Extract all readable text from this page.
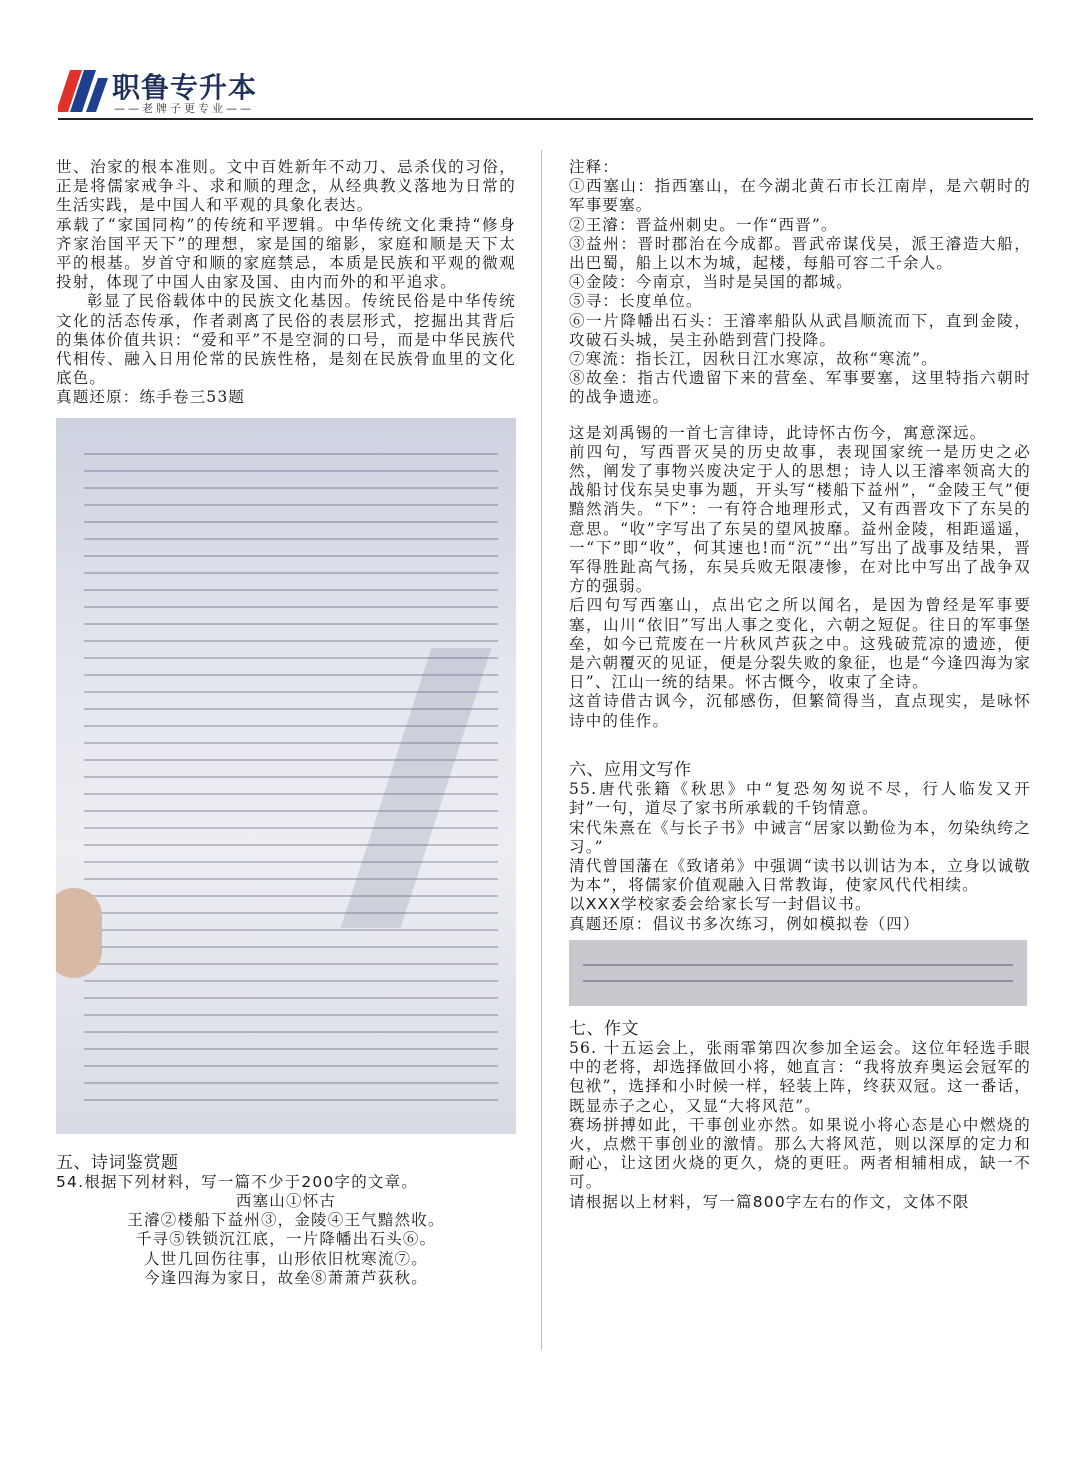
职鲁专升本
——老牌子更专业——

世、治家的根本准则。文中百姓新年不动刀、忌杀伐的习俗，正是将儒家戒争斗、求和顺的理念，从经典教义落地为日常的生活实践，是中国人和平观的具象化表达。

承载了“家国同构”的传统和平逻辑。中华传统文化秉持“修身齐家治国平天下”的理想，家是国的缩影，家庭和顺是天下太平的根基。岁首守和顺的家庭禁忌，本质是民族和平观的微观投射，体现了中国人由家及国、由内而外的和平追求。

彰显了民俗载体中的民族文化基因。传统民俗是中华传统文化的活态传承，作者剥离了民俗的表层形式，挖掘出其背后的集体价值共识：“爱和平”不是空洞的口号，而是中华民族代代相传、融入日用伦常的民族性格，是刻在民族骨血里的文化底色。

真题还原：练手卷三53题

五、诗词鉴赏题

54.根据下列材料，写一篇不少于200字的文章。

西塞山①怀古

王濬②楼船下益州③，金陵④王气黯然收。

千寻⑤铁锁沉江底，一片降幡出石头⑥。

人世几回伤往事，山形依旧枕寒流⑦。

今逢四海为家日，故垒⑧萧萧芦荻秋。

注释：

①西塞山：指西塞山，在今湖北黄石市长江南岸，是六朝时的军事要塞。

②王濬：晋益州刺史。一作“西晋”。

③益州：晋时郡治在今成都。晋武帝谋伐吴，派王濬造大船，出巴蜀，船上以木为城，起楼，每船可容二千余人。

④金陵：今南京，当时是吴国的都城。

⑤寻：长度单位。

⑥一片降幡出石头：王濬率船队从武昌顺流而下，直到金陵，攻破石头城，吴主孙皓到营门投降。

⑦寒流：指长江，因秋日江水寒凉，故称“寒流”。

⑧故垒：指古代遗留下来的营垒、军事要塞，这里特指六朝时的战争遗迹。

这是刘禹锡的一首七言律诗，此诗怀古伤今，寓意深远。

前四句，写西晋灭吴的历史故事，表现国家统一是历史之必然，阐发了事物兴废决定于人的思想；诗人以王濬率领高大的战船讨伐东吴史事为题，开头写“楼船下益州”，“金陵王气”便黯然消失。“下”：一有符合地理形式，又有西晋攻下了东吴的意思。“收”字写出了东吴的望风披靡。益州金陵，相距遥遥，一“下”即“收”，何其速也!而“沉”“出”写出了战事及结果，晋军得胜趾高气扬，东吴兵败无限凄惨，在对比中写出了战争双方的强弱。

后四句写西塞山，点出它之所以闻名，是因为曾经是军事要塞，山川“依旧”写出人事之变化，六朝之短促。往日的军事堡垒，如今已荒废在一片秋风芦荻之中。这残破荒凉的遗迹，便是六朝覆灭的见证，便是分裂失败的象征，也是“今逢四海为家日”、江山一统的结果。怀古慨今，收束了全诗。

这首诗借古讽今，沉郁感伤，但繁简得当，直点现实，是咏怀诗中的佳作。

六、应用文写作

55.唐代张籍《秋思》中“复恐匆匆说不尽，行人临发又开封”一句，道尽了家书所承载的千钧情意。

宋代朱熹在《与长子书》中诫言“居家以勤俭为本，勿染纨绔之习。”

清代曾国藩在《致诸弟》中强调“读书以训诂为本，立身以诚敬为本”，将儒家价值观融入日常教诲，使家风代代相续。

以XXX学校家委会给家长写一封倡议书。

真题还原：倡议书多次练习，例如模拟卷（四）

七、作文

56. 十五运会上，张雨霏第四次参加全运会。这位年轻选手眼中的老将，却选择做回小将，她直言：“我将放弃奥运会冠军的包袱”，选择和小时候一样，轻装上阵，终获双冠。这一番话，既显赤子之心，又显“大将风范”。

赛场拼搏如此，干事创业亦然。如果说小将心态是心中燃烧的火，点燃干事创业的激情。那么大将风范，则以深厚的定力和耐心，让这团火烧的更久，烧的更旺。两者相辅相成，缺一不可。

请根据以上材料，写一篇800字左右的作文，文体不限
